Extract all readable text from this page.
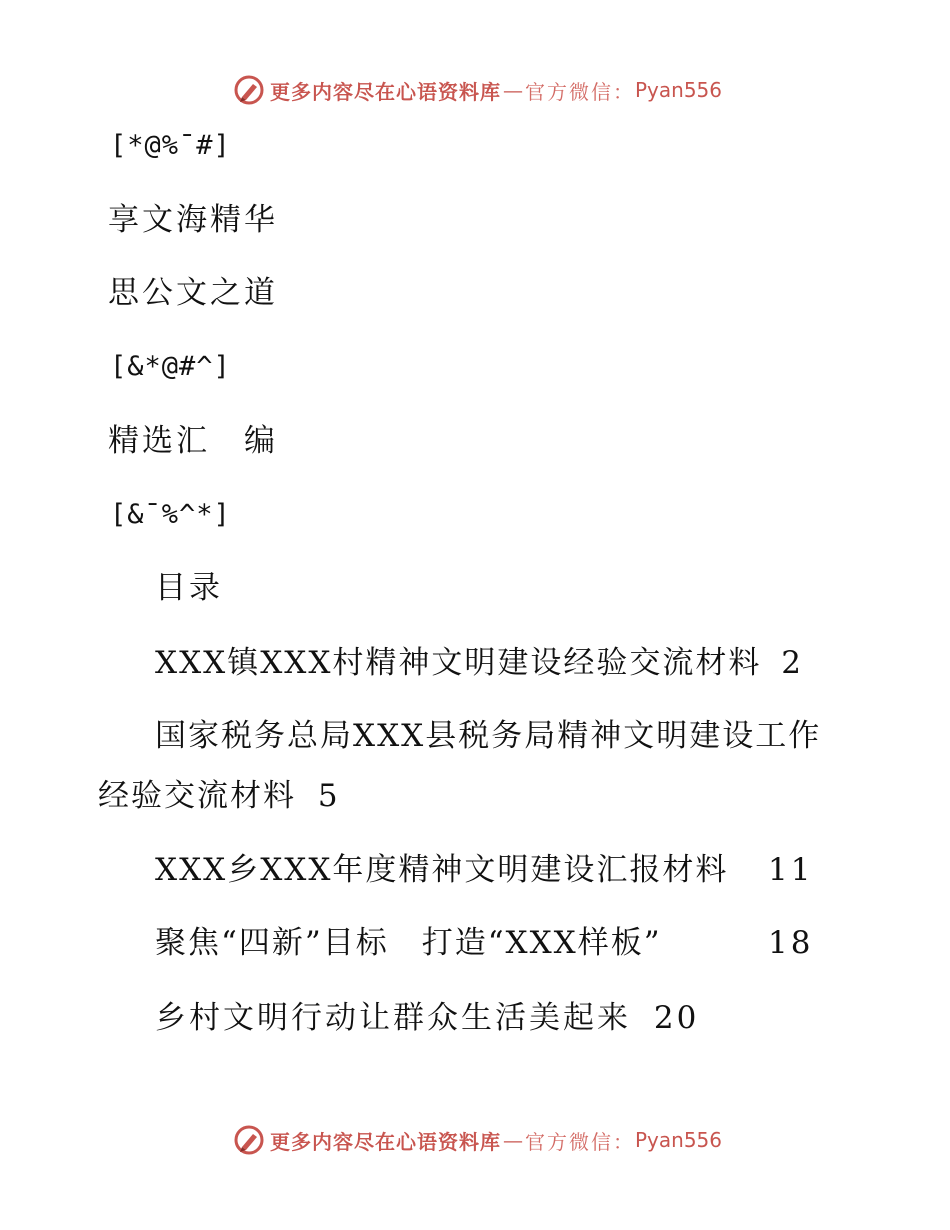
更多内容尽在心语资料库 — 官方微信： Pyan556
[*@%¯#]
享文海精华
思公文之道
[&*@#^]
精选汇　编
[&¯%^*]
目录
XXX镇XXX村精神文明建设经验交流材料 2
国家税务总局XXX县税务局精神文明建设工作
经验交流材料 5
XXX乡XXX年度精神文明建设汇报材料 11
聚焦“四新”目标　打造“XXX样板”	18
乡村文明行动让群众生活美起来 20
更多内容尽在心语资料库 — 官方微信： Pyan556
